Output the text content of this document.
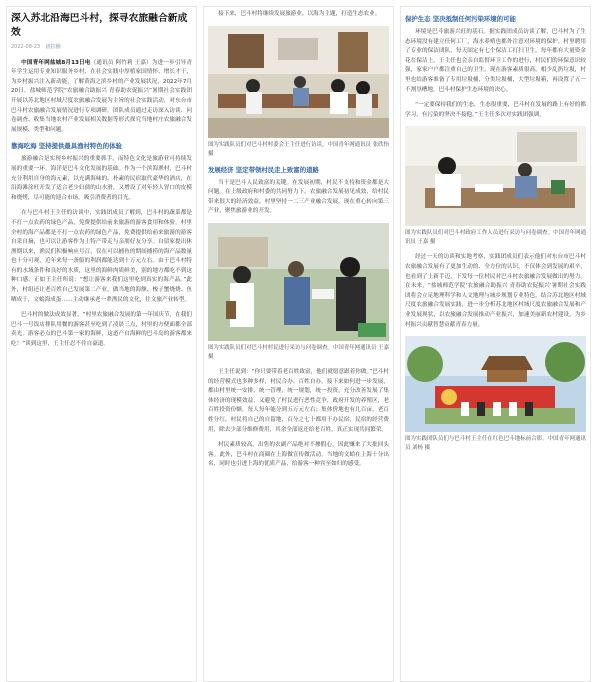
深入苏北沿海巴斗村，探寻农旅融合新成效
2022-08-23 团拉圈

中国青年网盐城8月13日电（通讯员 阿竹莉 王嘉）为进一步引导青年学生运用专业知识服务乡村，在社会实践中厚植家国情怀、增长才干，为乡村振兴注入新动能，了解黄海之滨乡村的产业发展状况，2022年7月20日，盐城师范学院“农旅融合助振兴 青春助农促振兴”暑期社会实践团开展以苏北地区村域尺度农旅融合发展为主旨的社会实践活动，对东台市巴斗村农旅融合发展情况进行专项调研。团队成员通过走访深入访谈、问卷调查、收集当地农村产业发展相关数据等形式探究当地村庄农旅融合发展规模、类型和问题。

靠海吃海 坚持提供最具渔村特色的体验

旅游融合是实现乡村振兴的重要抓手，而特色文化是旅游业可持续发展的重要一环。海洋是巴斗文化发展的基础。作为一个滨海渔村，巴斗村充分利用自身的海元素，以充满海味的、朴素的民宿取代豪华的酒店，在沿海滩涂旺开发了适合老少妇孺的山水滑，又增设了对年轻人胃口的皮模和烧烤，尽可能的迎合市场，吸引消费者的目光。

在与巴斗村王主任的访谈中，实践团成员了解到，巴斗村的蔬菜都是不打一点农药的绿色产品，免费提供给前来旅游的游客食用和体验。村里全村的海产品都是不打一点农药的绿色产品，免费提供给前来旅游的游客自采自摘，也可以让游客作为土特产带走与亲朋好友分享。自留家提出休渔期以来，渔民们积极响应号召，仅在可以捕鱼的期间捕捞的海产品数量也十分可观，近年来每一条船的利润都能达到十万元左右。由于巴斗村特有的水域条件和良好的水质，这里的海鲜肉质鲜美，别的地方都吃不到这种口感。正如王主任所说：“想让游客来我们这里吃到真实的海产品。”此外，村组还让老百姓自己发展第二产业，做当地的海额、梭子蟹烧烧、鱼晒成干，文蛤海成蛋……主动继承老一辈渔民的文化，往文旅产业转型。

巴斗村的做法成效显著，“村里农旅融合发展的第一年国庆节，在我们巴斗一号饭店排队用餐的游客甚至吃到了凌晨三点，村里的方便面都全部卖光。游客必点的巴斗第一家的海鲜，这道产自海鲜的巴斗岛的游客都来吃！”谈到这里，王主任忍不住自豪道。

接下来，巴斗村将继续发展旅游业，以海为主题，打造生态农业。

图为实践队员们对巴斗村村委会王主任进行访谈。中国青年网通讯员 张欣怡 摄

发展经济 坚定带领村民走上致富的道路

当干是巴斗人民致富的关键。在发展初期，村民不支持和资金都是大问题。在上级政府和村委的共同努力下，农旅融合发展初见成效，给村民带来很大的经济效益。村里坚持一二三产业融合发展，现在重心转向第三产业，聚焦旅游业的开发。

图为实践队员们对巴斗村村民进行采访与问卷调查。中国青年网通讯员 王嘉 摄

王主任说到：“你只要带着老百姓致富，他们就愿意跟着你做。”巴斗村的经营模式也多种多样，村民合办、百姓自办，接下来如何进一步发展，都由村里统一安排，统一管理，统一规划，统一投资，充分改善发展了集体经济的现模效益，又避免了村民进行恶性竞争，政府开发的养殖区，老百姓投资份额，每人每年能分到五万元左右；集体价地也有几百亩，老百姓分红。村民将自己的自留地，百分之七十都用于办民宿，民宿的经营费用，除去少部分维修费用，其余全部返还给老百姓，真正实现共同繁荣。

村民素质较高，出售的农副产品绝对不掺假心，因此赚来了大批回头客。此外，巴斗村在商圈在上海做宣传做活动，当地的文蛤在上海十分出名，同时也引进上海的优质产品，给游客一种宾至如归的感受。

保护生态 坚决抵制任何污染环境的可能

环境是巴斗旅游兴旺的基石。据实践团成员访谈了解，巴斗村为了生态环境没有建立任何工厂，海水养殖也都外注意对环境的保护。村里聘用了专业的保洁团队，每天固定有七个保洁工打扫卫生，每年都有大量资金花在保洁上。王主任也会亲自监督环卫工作的进行，村民们的环保意识较强，家家户户都注重自己的卫生。现在游客素质很高，相少乱扔垃圾，村里也给游客准备了专用垃圾桶，分类垃圾桶，大型垃圾箱，再设置了五一不割垦槽地，巴斗村保护生态环境的决心。

“一定要保持我们的生态，生态很重要，巴斗村在发展的路上有好的都学习，有污染的坚决不接他。”王主任多次对实践团强调。

图为实践队员们对巴斗村政府工作人员进行采访与问卷调查。中国青年网通讯员 王嘉 摄

经过一天的访谈和实地考察，实践团成员们表示他们对东台市巴斗村农旅融合发展有了更加生动的、全方位的认识，不仅体会到发展的艰辛，也看到了上新手迈，下发每一位村民对巴斗村农旅融合发展做出的努力。在未来，“盐城师范学院‘农旅融合助振兴 青春助农促振兴’暑期社会实践团将会立足地理科学和人文地理与城乡规划专业特色，结合苏北地区村域尺度农旅融合发展实践，进一步分析苏北地区村域尺度农旅融合发展和产业发展现状，以农旅融合发展推动产业振兴，加速美丽新农村建设，为乡村振兴贡献智慧贡献青春力量。

图为实践团队员们与巴斗村王主任在红色巴斗地标前合影。中国青年网通讯员 刘杨 摄
